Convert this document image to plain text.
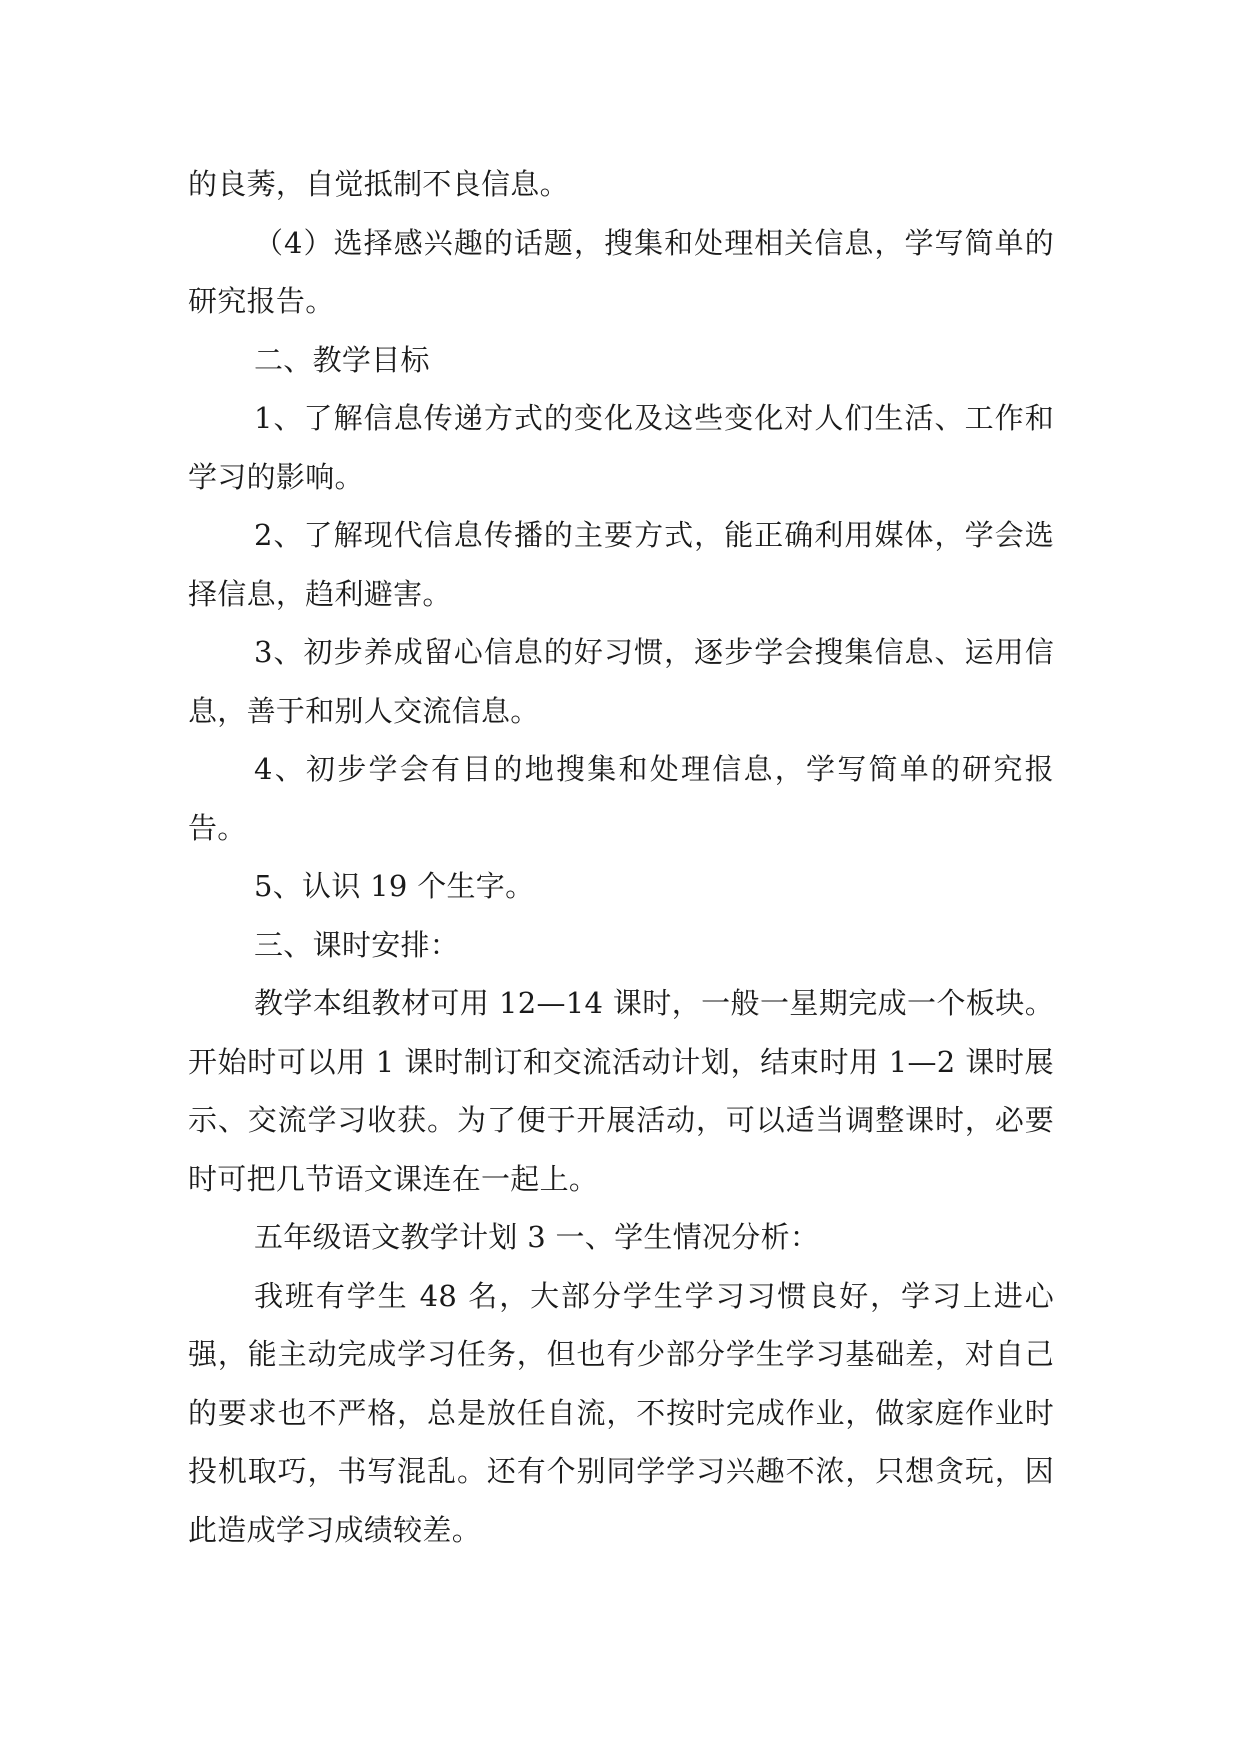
的良莠，自觉抵制不良信息。

（4）选择感兴趣的话题，搜集和处理相关信息，学写简单的研究报告。

二、教学目标

1、了解信息传递方式的变化及这些变化对人们生活、工作和学习的影响。

2、了解现代信息传播的主要方式，能正确利用媒体，学会选择信息，趋利避害。

3、初步养成留心信息的好习惯，逐步学会搜集信息、运用信息，善于和别人交流信息。

4、初步学会有目的地搜集和处理信息，学写简单的研究报告。

5、认识 19 个生字。

三、课时安排：

教学本组教材可用 12—14 课时，一般一星期完成一个板块。开始时可以用 1 课时制订和交流活动计划，结束时用 1—2 课时展示、交流学习收获。为了便于开展活动，可以适当调整课时，必要时可把几节语文课连在一起上。

五年级语文教学计划 3 一、学生情况分析：

我班有学生 48 名，大部分学生学习习惯良好，学习上进心强，能主动完成学习任务，但也有少部分学生学习基础差，对自己的要求也不严格，总是放任自流，不按时完成作业，做家庭作业时投机取巧，书写混乱。还有个别同学学习兴趣不浓，只想贪玩，因此造成学习成绩较差。
